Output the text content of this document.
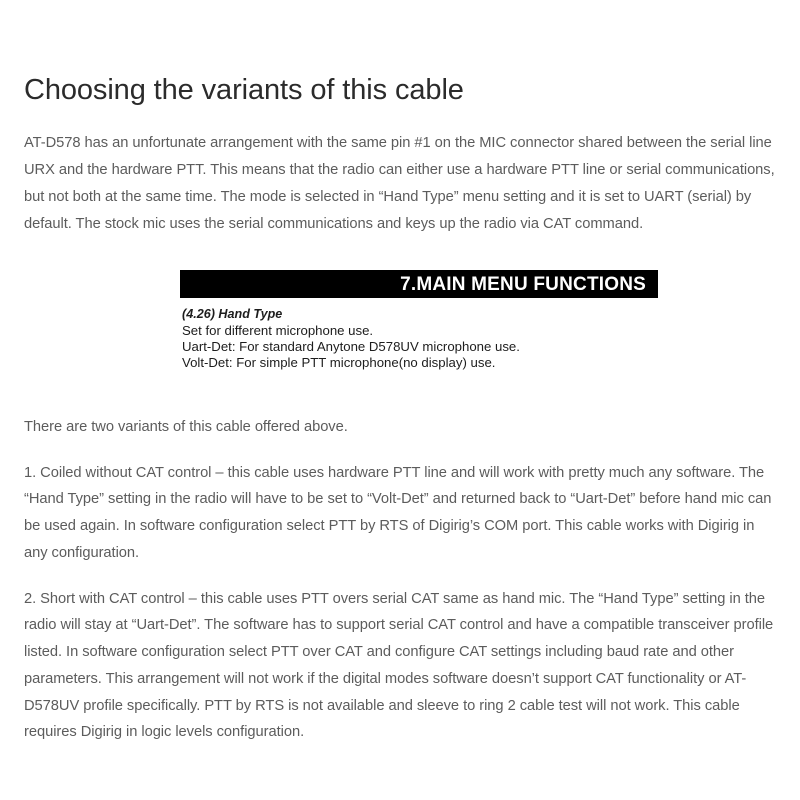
Choosing the variants of this cable

AT-D578 has an unfortunate arrangement with the same pin #1 on the MIC connector shared between the serial line URX and the hardware PTT. This means that the radio can either use a hardware PTT line or serial communications, but not both at the same time. The mode is selected in “Hand Type” menu setting and it is set to UART (serial) by default. The stock mic uses the serial communications and keys up the radio via CAT command.

7.MAIN MENU FUNCTIONS
(4.26) Hand Type
Set for different microphone use.
Uart-Det: For standard Anytone D578UV microphone use.
Volt-Det: For simple PTT microphone(no display) use.

There are two variants of this cable offered above.

1. Coiled without CAT control – this cable uses hardware PTT line and will work with pretty much any software. The “Hand Type” setting in the radio will have to be set to “Volt-Det” and returned back to “Uart-Det” before hand mic can be used again. In software configuration select PTT by RTS of Digirig’s COM port. This cable works with Digirig in any configuration.

2. Short with CAT control – this cable uses PTT overs serial CAT same as hand mic. The “Hand Type” setting in the radio will stay at “Uart-Det”. The software has to support serial CAT control and have a compatible transceiver profile listed. In software configuration select PTT over CAT and configure CAT settings including baud rate and other parameters. This arrangement will not work if the digital modes software doesn’t support CAT functionality or AT-D578UV profile specifically. PTT by RTS is not available and sleeve to ring 2 cable test will not work. This cable requires Digirig in logic levels configuration.
